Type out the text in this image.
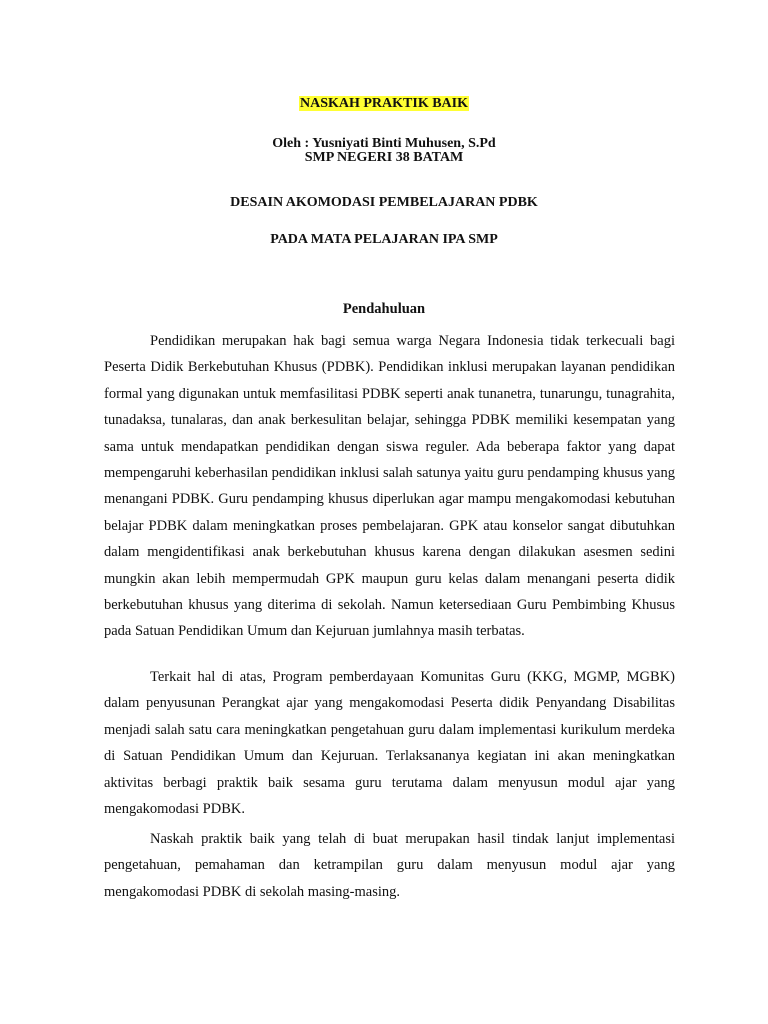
NASKAH PRAKTIK BAIK
Oleh : Yusniyati Binti Muhusen, S.Pd
SMP NEGERI 38 BATAM
DESAIN AKOMODASI PEMBELAJARAN PDBK
PADA MATA PELAJARAN IPA SMP
Pendahuluan

Pendidikan merupakan hak bagi semua warga Negara Indonesia tidak terkecuali bagi Peserta Didik Berkebutuhan Khusus (PDBK). Pendidikan inklusi merupakan layanan pendidikan formal yang digunakan untuk memfasilitasi PDBK seperti anak tunanetra, tunarungu, tunagrahita, tunadaksa, tunalaras, dan anak berkesulitan belajar, sehingga PDBK memiliki kesempatan yang sama untuk mendapatkan pendidikan dengan siswa reguler. Ada beberapa faktor yang dapat mempengaruhi keberhasilan pendidikan inklusi salah satunya yaitu guru pendamping khusus yang menangani PDBK. Guru pendamping khusus diperlukan agar mampu mengakomodasi kebutuhan belajar PDBK dalam meningkatkan proses pembelajaran. GPK atau konselor sangat dibutuhkan dalam mengidentifikasi anak berkebutuhan khusus karena dengan dilakukan asesmen sedini mungkin akan lebih mempermudah GPK maupun guru kelas dalam menangani peserta didik berkebutuhan khusus yang diterima di sekolah. Namun ketersediaan Guru Pembimbing Khusus pada Satuan Pendidikan Umum dan Kejuruan jumlahnya masih terbatas.

Terkait hal di atas, Program pemberdayaan Komunitas Guru (KKG, MGMP, MGBK) dalam penyusunan Perangkat ajar yang mengakomodasi Peserta didik Penyandang Disabilitas menjadi salah satu cara meningkatkan pengetahuan guru dalam implementasi kurikulum merdeka di Satuan Pendidikan Umum dan Kejuruan. Terlaksananya kegiatan ini akan meningkatkan aktivitas berbagi praktik baik sesama guru terutama dalam menyusun modul ajar yang mengakomodasi PDBK.

Naskah praktik baik yang telah di buat merupakan hasil tindak lanjut implementasi pengetahuan, pemahaman dan ketrampilan guru dalam menyusun modul ajar yang mengakomodasi PDBK di sekolah masing-masing.
